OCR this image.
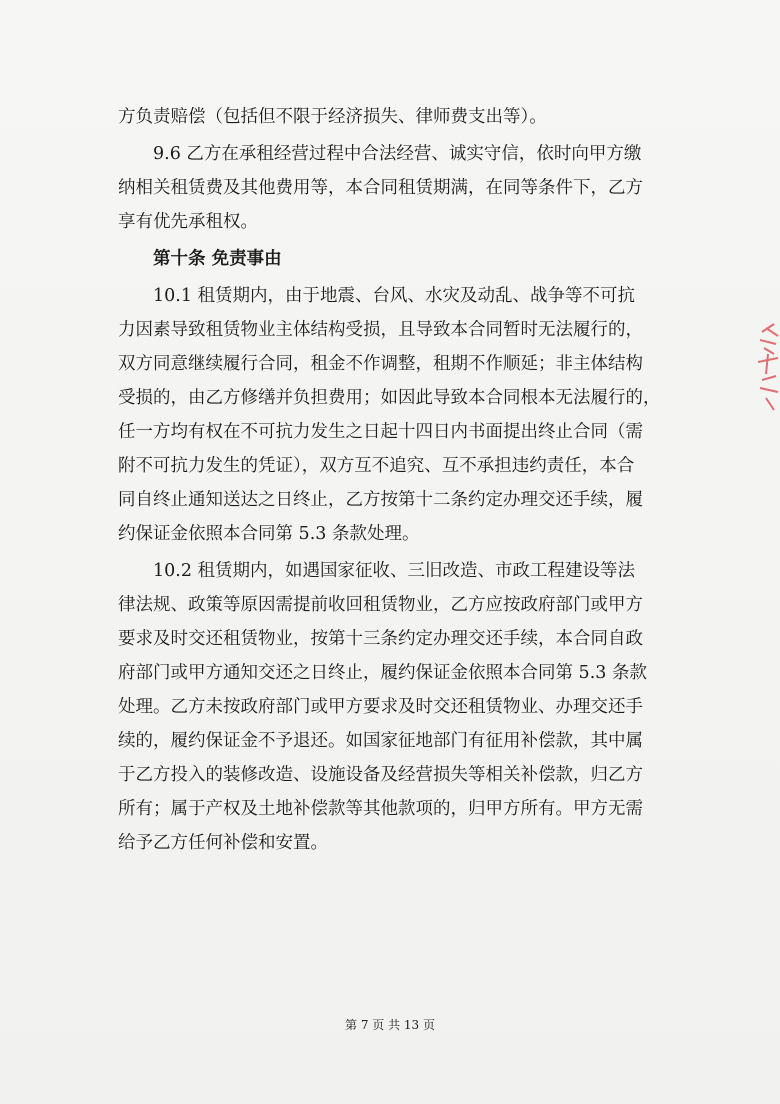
方负责赔偿（包括但不限于经济损失、律师费支出等）。
9.6 乙方在承租经营过程中合法经营、诚实守信，依时向甲方缴
纳相关租赁费及其他费用等，本合同租赁期满，在同等条件下，乙方
享有优先承租权。
第十条 免责事由
10.1 租赁期内，由于地震、台风、水灾及动乱、战争等不可抗
力因素导致租赁物业主体结构受损，且导致本合同暂时无法履行的，
双方同意继续履行合同，租金不作调整，租期不作顺延；非主体结构
受损的，由乙方修缮并负担费用；如因此导致本合同根本无法履行的，
任一方均有权在不可抗力发生之日起十四日内书面提出终止合同（需
附不可抗力发生的凭证），双方互不追究、互不承担违约责任，本合
同自终止通知送达之日终止，乙方按第十二条约定办理交还手续，履
约保证金依照本合同第 5.3 条款处理。
10.2 租赁期内，如遇国家征收、三旧改造、市政工程建设等法
律法规、政策等原因需提前收回租赁物业，乙方应按政府部门或甲方
要求及时交还租赁物业，按第十三条约定办理交还手续，本合同自政
府部门或甲方通知交还之日终止，履约保证金依照本合同第 5.3 条款
处理。乙方未按政府部门或甲方要求及时交还租赁物业、办理交还手
续的，履约保证金不予退还。如国家征地部门有征用补偿款，其中属
于乙方投入的装修改造、设施设备及经营损失等相关补偿款，归乙方
所有；属于产权及土地补偿款等其他款项的，归甲方所有。甲方无需
给予乙方任何补偿和安置。
第 7 页 共 13 页
